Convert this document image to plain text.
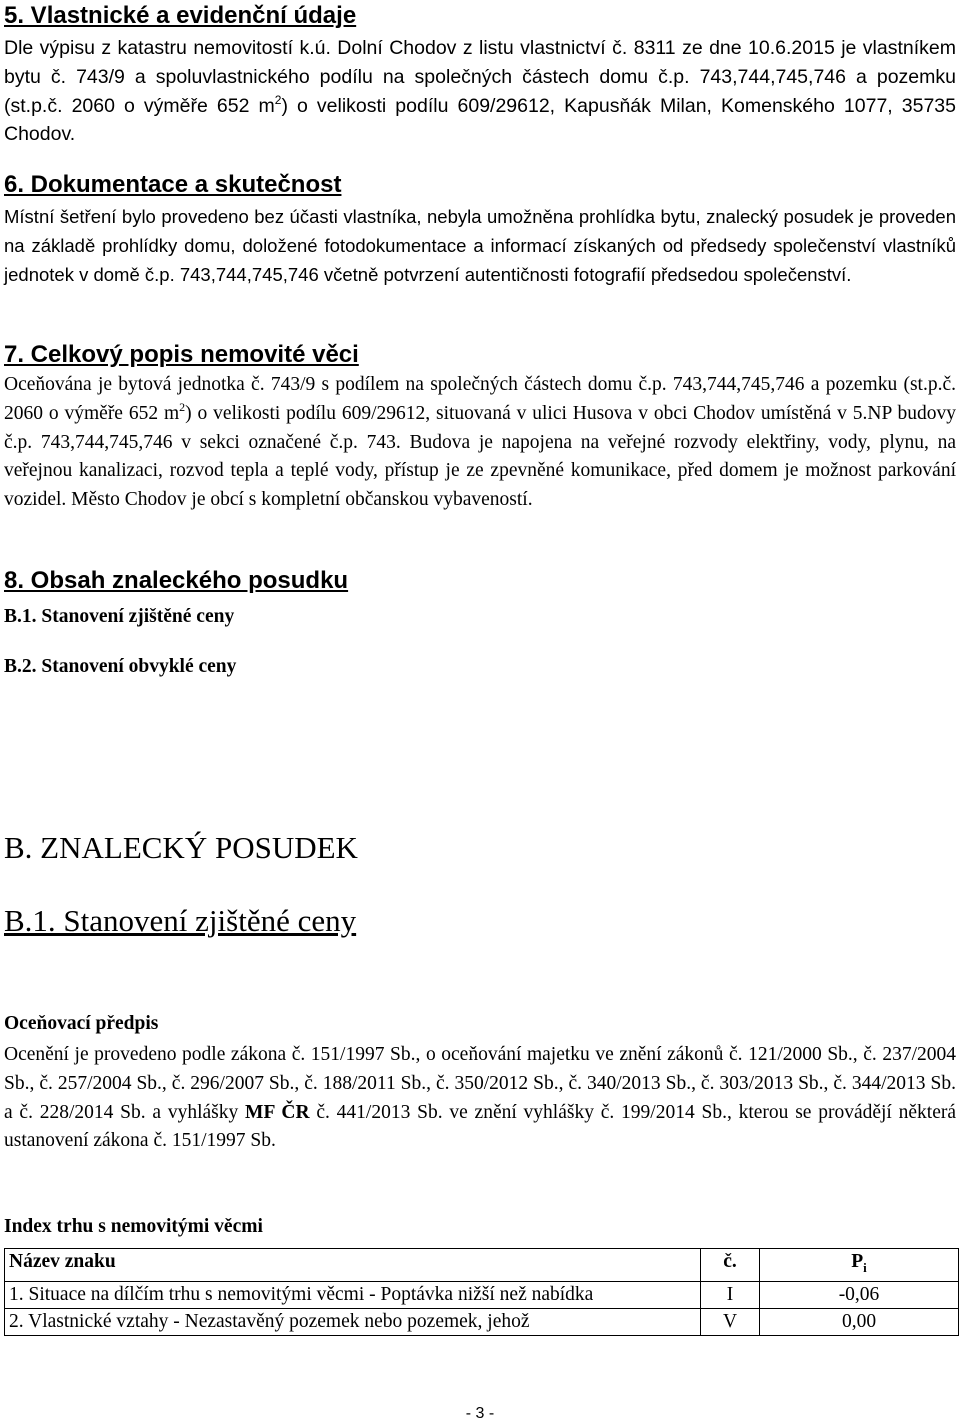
5. Vlastnické a evidenční údaje

Dle výpisu z katastru nemovitostí k.ú. Dolní Chodov z listu vlastnictví č. 8311 ze dne 10.6.2015 je vlastníkem bytu č. 743/9 a spoluvlastnického podílu na společných částech domu č.p. 743,744,745,746 a pozemku (st.p.č. 2060 o výměře 652 $m^2$) o velikosti podílu 609/29612, Kapusňák Milan, Komenského 1077, 35735 Chodov.

6. Dokumentace a skutečnost

Místní šetření bylo provedeno bez účasti vlastníka, nebyla umožněna prohlídka bytu, znalecký posudek je proveden na základě prohlídky domu, doložené fotodokumentace a informací získaných od předsedy společenství vlastníků jednotek v domě č.p. 743,744,745,746 včetně potvrzení autentičnosti fotografií předsedou společenství.

7. Celkový popis nemovité věci

Oceňována je bytová jednotka č. 743/9 s podílem na společných částech domu č.p. 743,744,745,746 a pozemku (st.p.č. 2060 o výměře 652 $m^2$) o velikosti podílu 609/29612, situovaná v ulici Husova v obci Chodov umístěná v 5.NP budovy č.p. 743,744,745,746 v sekci označené č.p. 743. Budova je napojena na veřejné rozvody elektřiny, vody, plynu, na veřejnou kanalizaci, rozvod tepla a teplé vody, přístup je ze zpevněné komunikace, před domem je možnost parkování vozidel. Město Chodov je obcí s kompletní občanskou vybaveností.

8. Obsah znaleckého posudku
B.1. Stanovení zjištěné ceny
B.2. Stanovení obvyklé ceny
B. ZNALECKÝ POSUDEK
B.1. Stanovení zjištěné ceny
Oceňovací předpis

Ocenění je provedeno podle zákona č. 151/1997 Sb., o oceňování majetku ve znění zákonů č. 121/2000 Sb., č. 237/2004 Sb., č. 257/2004 Sb., č. 296/2007 Sb., č. 188/2011 Sb., č. 350/2012 Sb., č. 340/2013 Sb., č. 303/2013 Sb., č. 344/2013 Sb. a č. 228/2014 Sb. a vyhlášky MF ČR č. 441/2013 Sb. ve znění vyhlášky č. 199/2014 Sb., kterou se provádějí některá ustanovení zákona č. 151/1997 Sb.

Index trhu s nemovitými věcmi
Název znaku	č.	$P_i$

1. Situace na dílčím trhu s nemovitými věcmi - Poptávka nižší než nabídka	I	-0,06
2. Vlastnické vztahy - Nezastavěný pozemek nebo pozemek, jehož	V	0,00
- 3 -
